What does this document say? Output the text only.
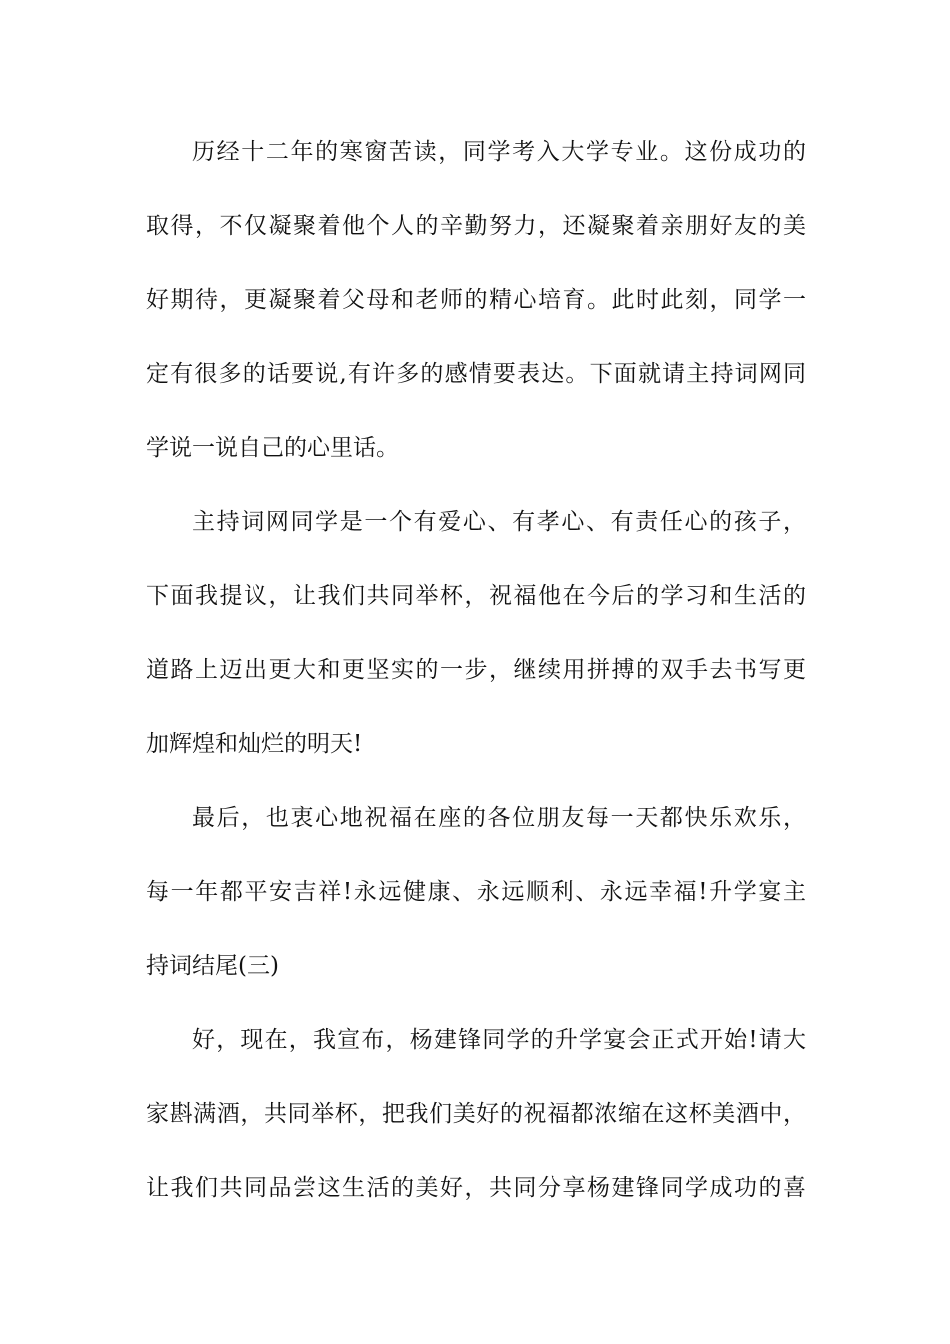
历经十二年的寒窗苦读，同学考入大学专业。这份成功的
取得，不仅凝聚着他个人的辛勤努力，还凝聚着亲朋好友的美
好期待，更凝聚着父母和老师的精心培育。此时此刻，同学一
定有很多的话要说,有许多的感情要表达。下面就请主持词网同
学说一说自己的心里话。
主持词网同学是一个有爱心、有孝心、有责任心的孩子，
下面我提议，让我们共同举杯，祝福他在今后的学习和生活的
道路上迈出更大和更坚实的一步，继续用拼搏的双手去书写更
加辉煌和灿烂的明天!
最后，也衷心地祝福在座的各位朋友每一天都快乐欢乐，
每一年都平安吉祥!永远健康、永远顺利、永远幸福!升学宴主
持词结尾(三)
好，现在，我宣布，杨建锋同学的升学宴会正式开始!请大
家斟满酒，共同举杯，把我们美好的祝福都浓缩在这杯美酒中，
让我们共同品尝这生活的美好，共同分享杨建锋同学成功的喜
